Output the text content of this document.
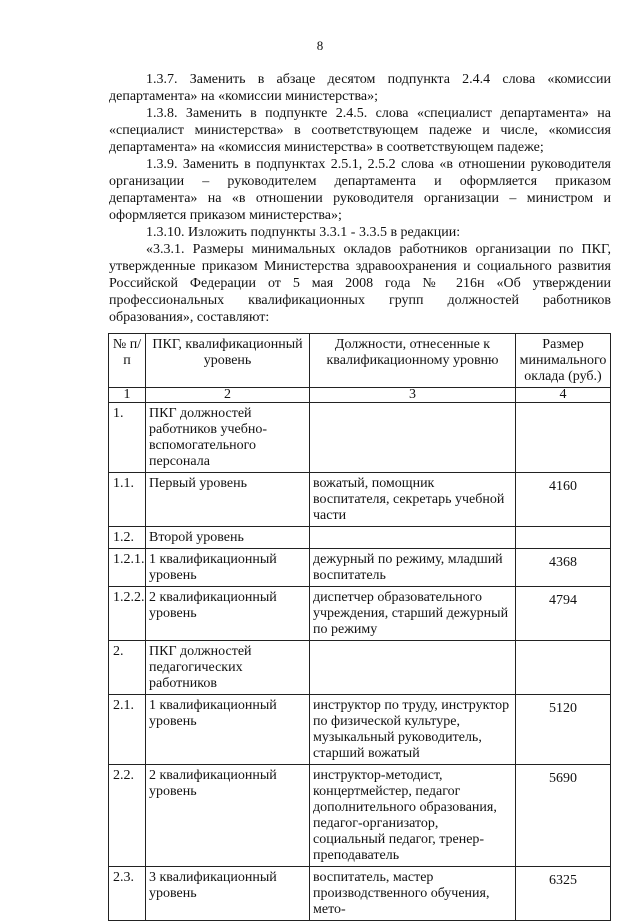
8

1.3.7. Заменить в абзаце десятом подпункта 2.4.4 слова «комиссии департамента» на «комиссии министерства»;

1.3.8. Заменить в подпункте 2.4.5. слова «специалист департамента» на «специалист министерства» в соответствующем падеже и числе, «комиссия департамента» на «комиссия министерства» в соответствующем падеже;

1.3.9. Заменить в подпунктах 2.5.1, 2.5.2 слова «в отношении руководителя организации – руководителем департамента и оформляется приказом департамента» на «в отношении руководителя организации – министром и оформляется приказом министерства»;

1.3.10. Изложить подпункты 3.3.1 - 3.3.5 в редакции:

«3.3.1. Размеры минимальных окладов работников организации по ПКГ, утвержденные приказом Министерства здравоохранения и социального развития Российской Федерации от 5 мая 2008 года № 216н «Об утверждении профессиональных квалификационных групп должностей работников образования», составляют:

№ п/п	ПКГ, квалификационный уровень	Должности, отнесенные к квалификационному уровню	Размер минимального оклада (руб.)
1	2	3	4
1.	ПКГ должностей работников учебно-вспомогательного персонала		
1.1.	Первый уровень	вожатый, помощник воспитателя, секретарь учебной части	4160
1.2.	Второй уровень		
1.2.1.	1 квалификационный уровень	дежурный по режиму, младший воспитатель	4368
1.2.2.	2 квалификационный уровень	диспетчер образовательного учреждения, старший дежурный по режиму	4794
2.	ПКГ должностей педагогических работников		
2.1.	1 квалификационный уровень	инструктор по труду, инструктор по физической культуре, музыкальный руководитель, старший вожатый	5120
2.2.	2 квалификационный уровень	инструктор-методист, концертмейстер, педагог дополнительного образования, педагог-организатор, социальный педагог, тренер-преподаватель	5690
2.3.	3 квалификационный уровень	воспитатель, мастер производственного обучения, мето-	6325
